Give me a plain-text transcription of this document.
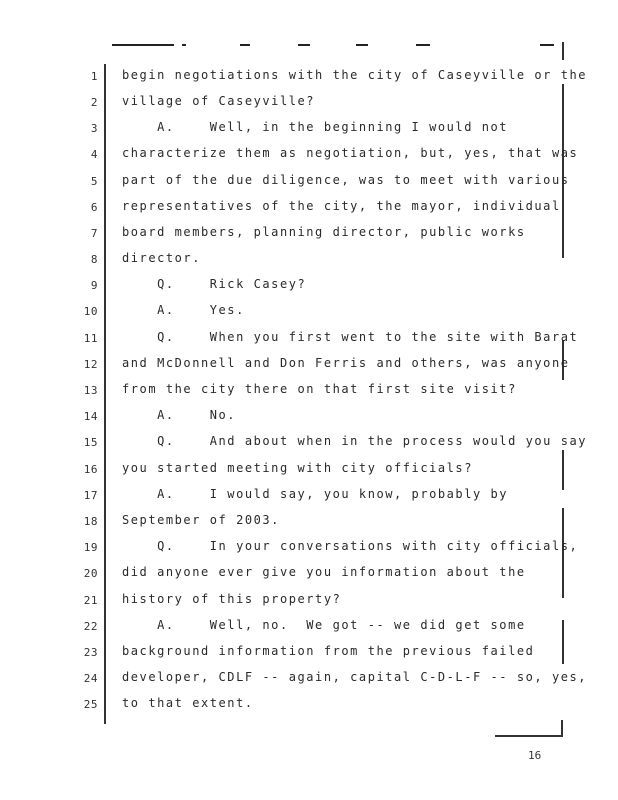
1 begin negotiations with the city of Caseyville or the
2 village of Caseyville?
3 A.    Well, in the beginning I would not
4 characterize them as negotiation, but, yes, that was
5 part of the due diligence, was to meet with various
6 representatives of the city, the mayor, individual
7 board members, planning director, public works
8 director.
9 Q.    Rick Casey?
10 A.    Yes.
11 Q.    When you first went to the site with Barat
12 and McDonnell and Don Ferris and others, was anyone
13 from the city there on that first site visit?
14 A.    No.
15 Q.    And about when in the process would you say
16 you started meeting with city officials?
17 A.    I would say, you know, probably by
18 September of 2003.
19 Q.    In your conversations with city officials,
20 did anyone ever give you information about the
21 history of this property?
22 A.    Well, no.  We got -- we did get some
23 background information from the previous failed
24 developer, CDLF -- again, capital C-D-L-F -- so, yes,
25 to that extent.
16
